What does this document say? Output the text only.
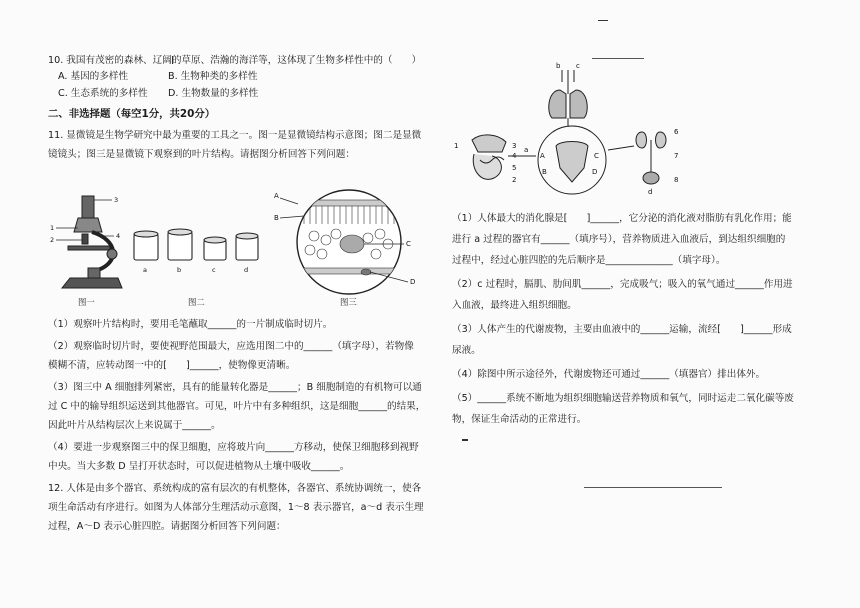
10. 我国有茂密的森林、辽阔的草原、浩瀚的海洋等，这体现了生物多样性中的（　　）
A. 基因的多样性	B. 生物种类的多样性
C. 生态系统的多样性 D. 生物数量的多样性
二、非选择题（每空1分，共20分）
11. 显微镜是生物学研究中最为重要的工具之一。图一是显微镜结构示意图；图二是显微
镜镜头；图三是显微镜下观察到的叶片结构。请据图分析回答下列问题：
3
1
2	4
图一
a	b	c	d
图二
A
B
C
D
图三
（1）观察叶片结构时，要用毛笔蘸取______的一片制成临时切片。
（2）观察临时切片时，要使视野范围最大，应选用图二中的______（填字母），若物像
模糊不清，应转动图一中的[　　]______，使物像更清晰。
（3）图三中 A 细胞排列紧密，具有的能量转化器是______；B 细胞制造的有机物可以通
过 C 中的输导组织运送到其他器官。可见，叶片中有多种组织，这是细胞______的结果，
因此叶片从结构层次上来说属于______。
（4）要进一步观察图三中的保卫细胞，应将玻片向______方移动，使保卫细胞移到视野
中央。当大多数 D 呈打开状态时，可以促进植物从土壤中吸收______。
12. 人体是由多个器官、系统构成的富有层次的有机整体，各器官、系统协调统一，使各
项生命活动有序进行。如图为人体部分生理活动示意图，1～8 表示器官，a～d 表示生理
过程，A～D 表示心脏四腔。请据图分析回答下列问题：
b c
1	3
4
5
2
a
A	C
B	D
6
7
8
d
（1）人体最大的消化腺是[　　]______，它分泌的消化液对脂肪有乳化作用；能
进行 a 过程的器官有______（填序号），营养物质进入血液后，到达组织细胞的
过程中，经过心脏四腔的先后顺序是______________（填字母）。
（2）c 过程时，膈肌、肋间肌______，完成吸气；吸入的氧气通过______作用进
入血液，最终进入组织细胞。
（3）人体产生的代谢废物，主要由血液中的______运输，流经[　　]______形成
尿液。
（4）除图中所示途径外，代谢废物还可通过______（填器官）排出体外。
（5）______系统不断地为组织细胞输送营养物质和氧气，同时运走二氧化碳等废
物，保证生命活动的正常进行。
